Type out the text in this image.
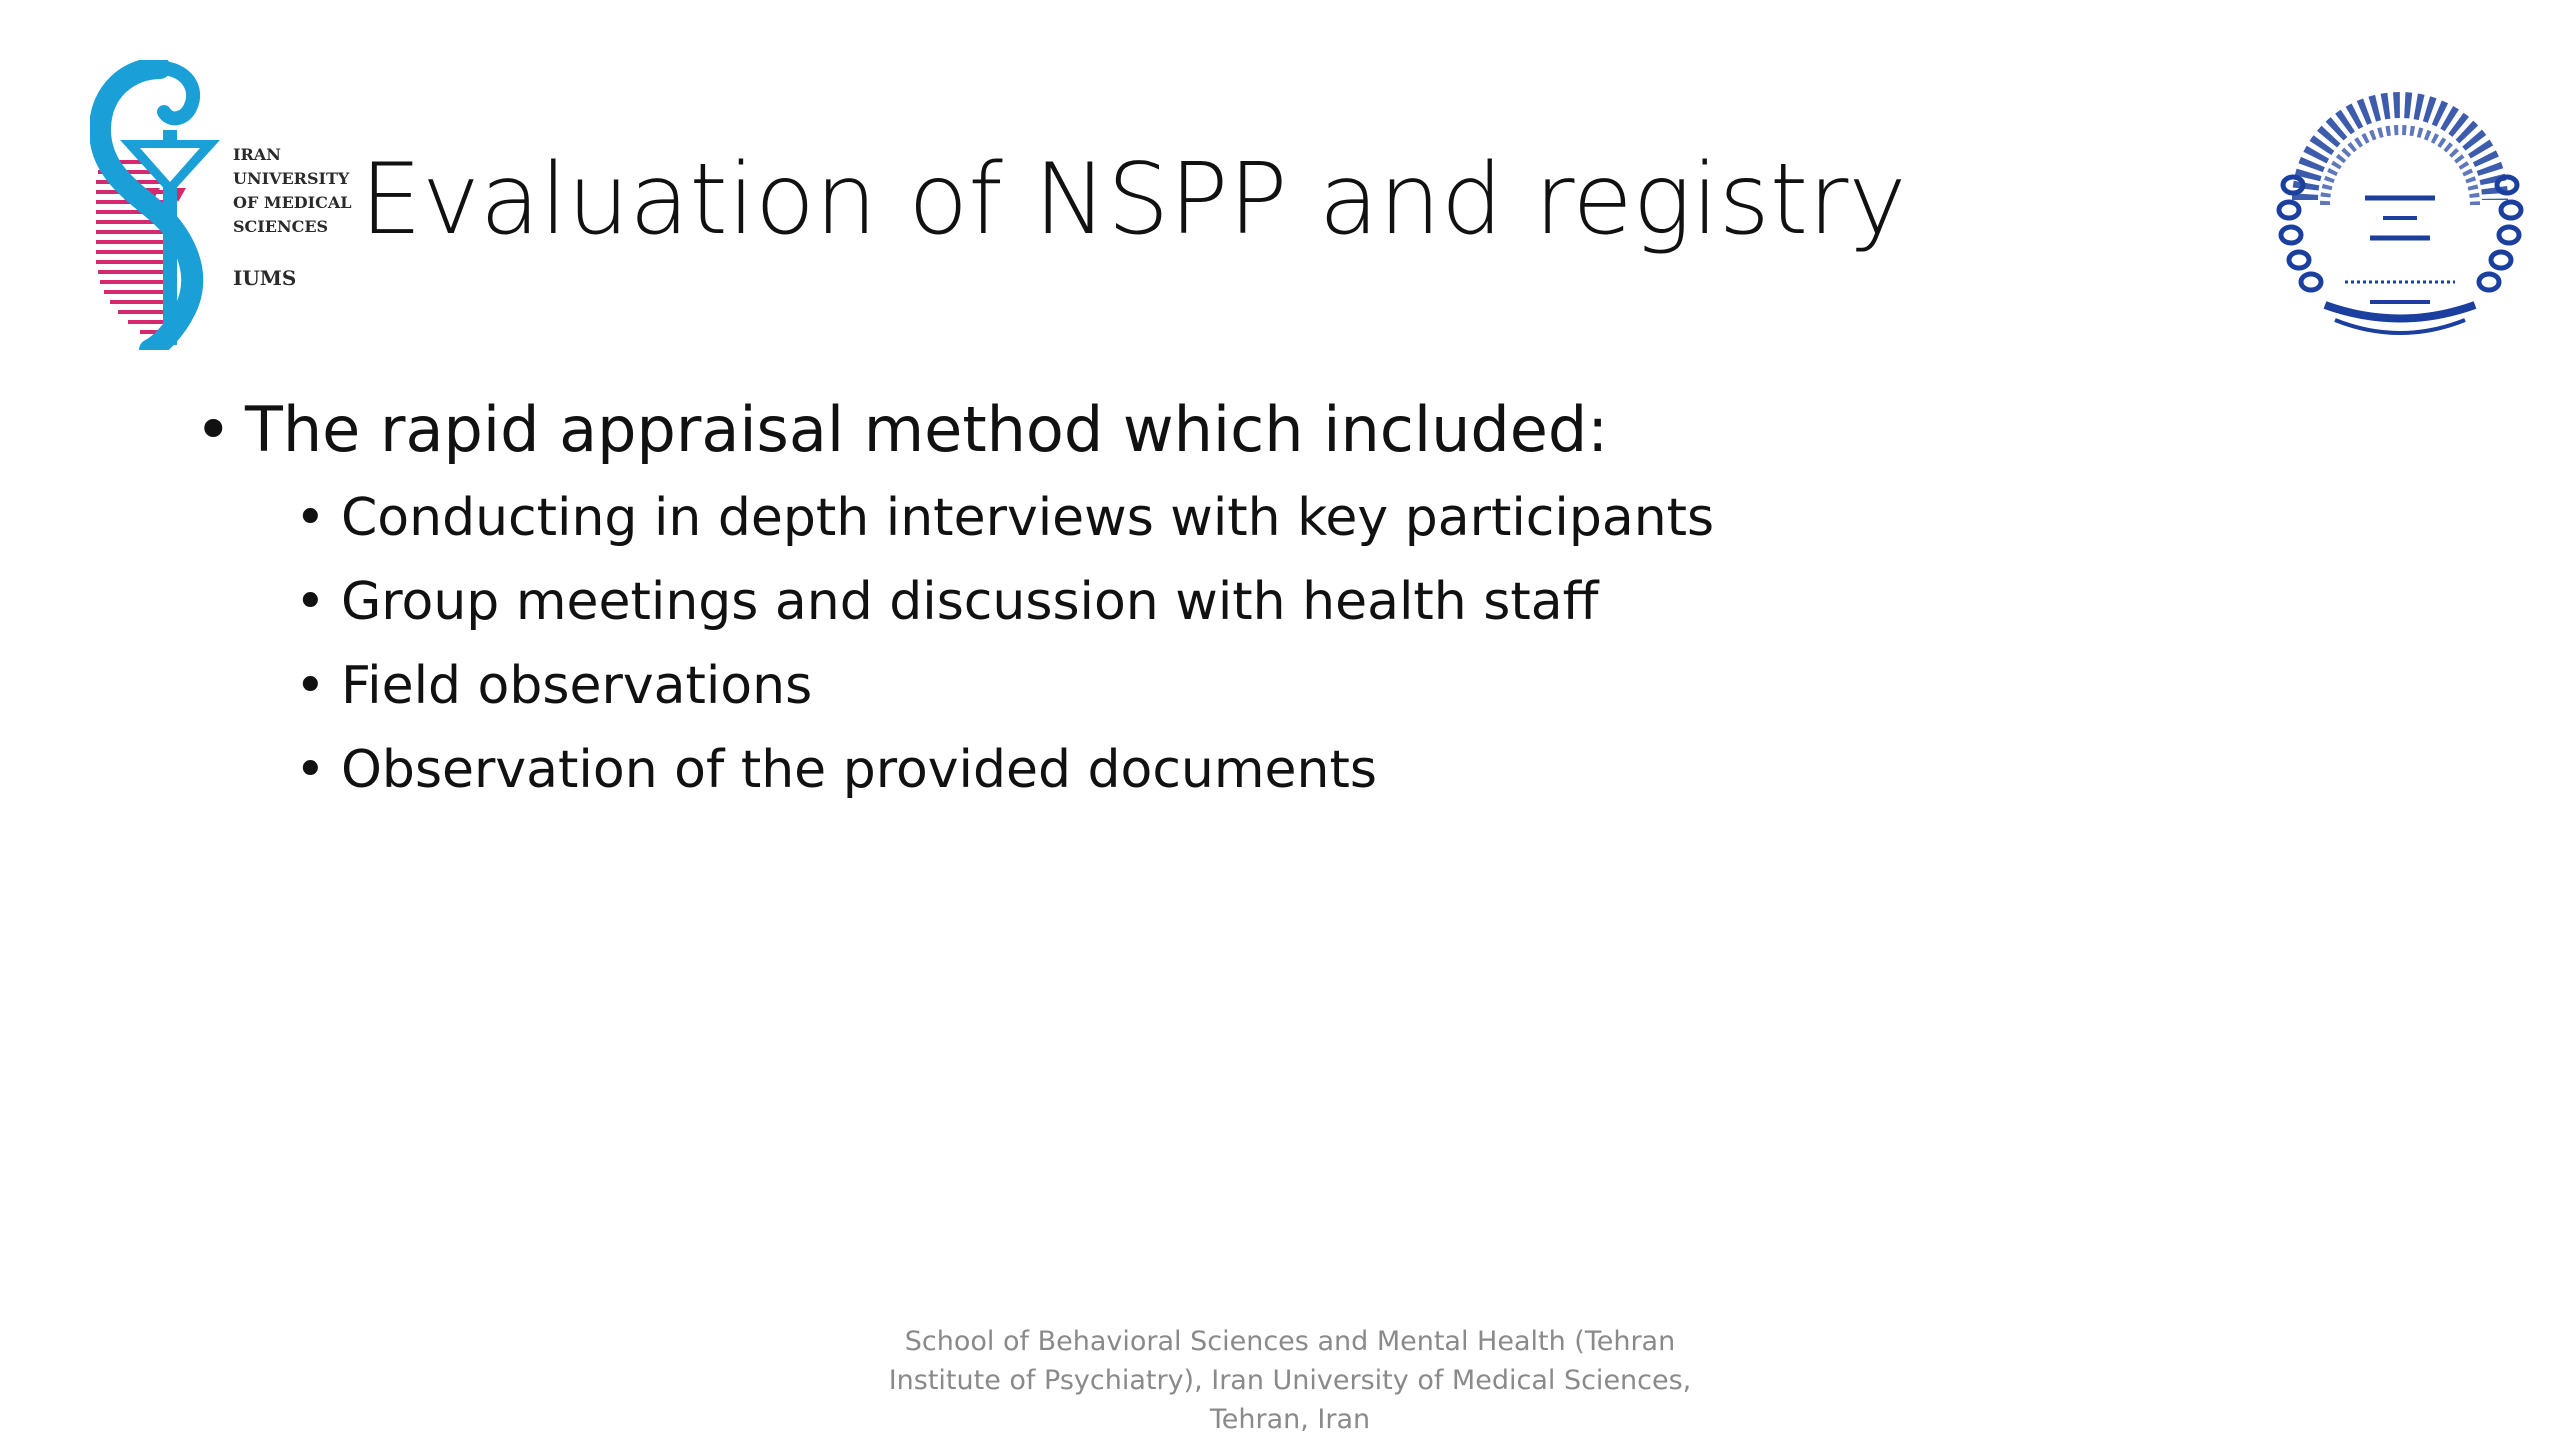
IRAN
UNIVERSITY
OF MEDICAL
SCIENCES
IUMS
Evaluation of NSPP and registry
• The rapid appraisal method which included:
• Conducting in depth interviews with key participants
• Group meetings and discussion with health staff
• Field observations
• Observation of the provided documents
School of Behavioral Sciences and Mental Health (Tehran
Institute of Psychiatry), Iran University of Medical Sciences,
Tehran, Iran
